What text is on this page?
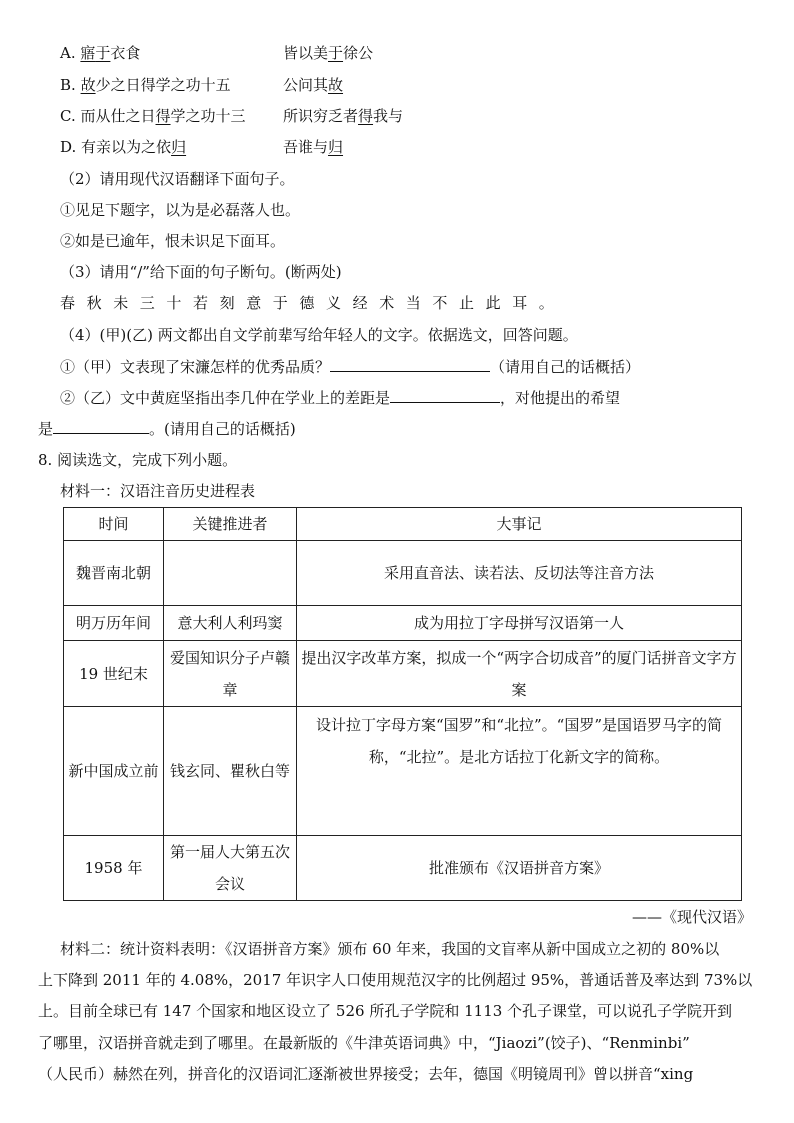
A. 寤于衣食	皆以美于徐公
B. 故少之日得学之功十五	公问其故
C. 而从仕之日得学之功十三 所识穷乏者得我与
D. 有亲以为之依归	吾谁与归
（2）请用现代汉语翻译下面句子。
①见足下题字，以为是必磊落人也。
②如是已逾年，恨未识足下面耳。
（3）请用“/”给下面的句子断句。(断两处)
春秋未三十若刻意于德义经术当不止此耳。
（4）(甲)(乙) 两文都出自文学前辈写给年轻人的文字。依据选文，回答问题。
①（甲）文表现了宋濂怎样的优秀品质？	（请用自己的话概括）
②（乙）文中黄庭坚指出李几仲在学业上的差距是	，对他提出的希望
是	。(请用自己的话概括)
8. 阅读选文，完成下列小题。
材料一：汉语注音历史进程表
时间	关键推进者	大事记
魏晋南北朝		采用直音法、读若法、反切法等注音方法
明万历年间	意大利人利玛窦	成为用拉丁字母拼写汉语第一人
19 世纪末	爱国知识分子卢赣章	提出汉字改革方案，拟成一个“两字合切成音”的厦门话拼音文字方案
新中国成立前	钱玄同、瞿秋白等	设计拉丁字母方案“国罗”和“北拉”。“国罗”是国语罗马字的简称，“北拉”。是北方话拉丁化新文字的简称。
1958 年	第一届人大第五次会议	批准颁布《汉语拼音方案》
——《现代汉语》
材料二：统计资料表明：《汉语拼音方案》颁布 60 年来，我国的文盲率从新中国成立之初的 80%以
上下降到 2011 年的 4.08%，2017 年识字人口使用规范汉字的比例超过 95%，普通话普及率达到 73%以
上。目前全球已有 147 个国家和地区设立了 526 所孔子学院和 1113 个孔子课堂，可以说孔子学院开到
了哪里，汉语拼音就走到了哪里。在最新版的《牛津英语词典》中，“Jiaozi”(饺子)、“Renminbi”
（人民币）赫然在列，拼音化的汉语词汇逐渐被世界接受；去年，德国《明镜周刊》曾以拼音“xing
